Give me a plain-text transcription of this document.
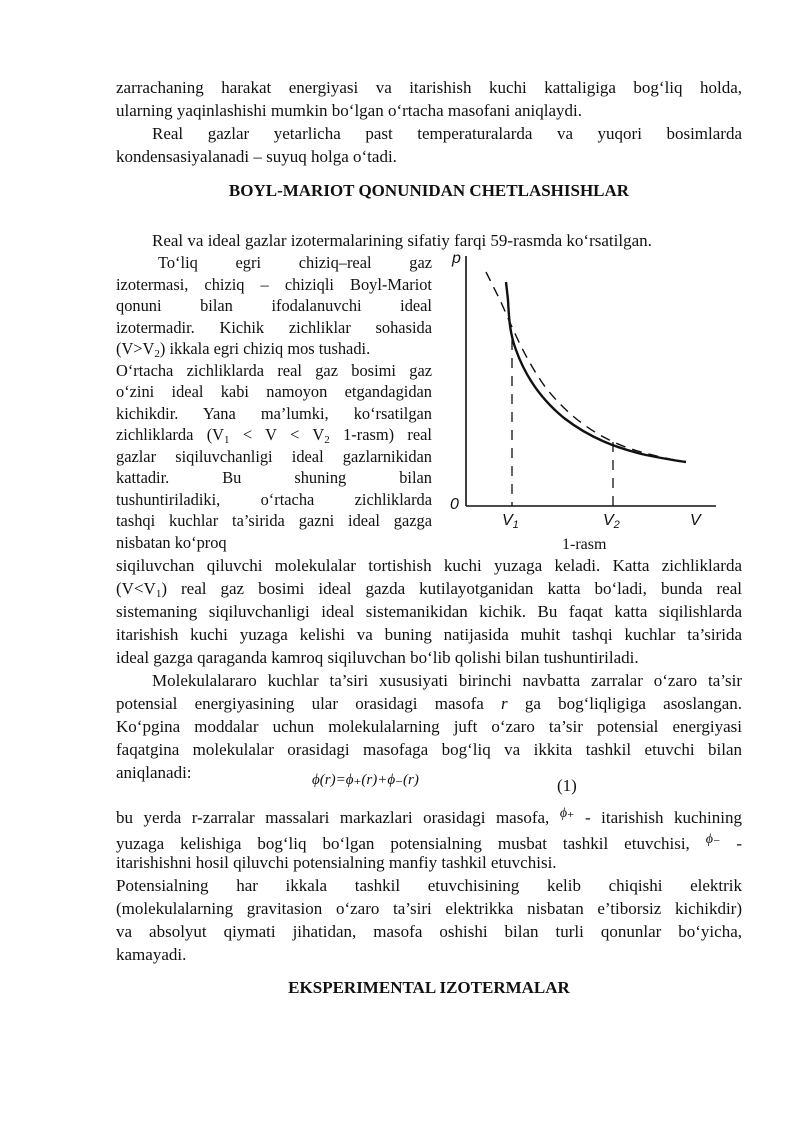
zarrachaning harakat energiyasi va itarishish kuchi kattaligiga bog‘liq holda,
ularning yaqinlashishi mumkin bo‘lgan o‘rtacha masofani aniqlaydi.
Real gazlar yetarlicha past temperaturalarda va yuqori bosimlarda
kondensasiyalanadi – suyuq holga o‘tadi.
BOYL-MARIOT QONUNIDAN CHETLASHISHLAR
Real va ideal gazlar izotermalarining sifatiy farqi 59-rasmda ko‘rsatilgan.
To‘liq egri chiziq–real gaz
izotermasi, chiziq – chiziqli Boyl-Mariot
qonuni bilan ifodalanuvchi ideal
izotermadir. Kichik zichliklar sohasida
$(V>V_2)$ ikkala egri chiziq mos tushadi.
O‘rtacha zichliklarda real gaz bosimi gaz
o‘zini ideal kabi namoyon etgandagidan
kichikdir. Yana ma’lumki, ko‘rsatilgan
zichliklarda ($V_1 < V < V_2$ 1-rasm) real
gazlar siqiluvchanligi ideal gazlarnikidan
kattadir. Bu shuning bilan
tushuntiriladiki, o‘rtacha zichliklarda
tashqi kuchlar ta’sirida gazni ideal gazga
nisbatan ko‘proq
siqiluvchan qiluvchi molekulalar tortishish kuchi yuzaga keladi. Katta zichliklarda
$(V<V_1)$ real gaz bosimi ideal gazda kutilayotganidan katta bo‘ladi, bunda real
sistemaning siqiluvchanligi ideal sistemanikidan kichik. Bu faqat katta siqilishlarda
itarishish kuchi yuzaga kelishi va buning natijasida muhit tashqi kuchlar ta’sirida
ideal gazga qaraganda kamroq siqiluvchan bo‘lib qolishi bilan tushuntiriladi.
Molekulalararo kuchlar ta’siri xususiyati birinchi navbatta zarralar o‘zaro ta’sir
potensial energiyasining ular orasidagi masofa r ga bog‘liqligiga asoslangan.
Ko‘pgina moddalar uchun molekulalarning juft o‘zaro ta’sir potensial energiyasi
faqatgina molekulalar orasidagi masofaga bog‘liq va ikkita tashkil etuvchi bilan
aniqlanadi:	ϕ(r)=ϕ₊(r)+ϕ₋(r)	(1)
bu yerda r-zarralar massalari markazlari orasidagi masofa, $^{\phi_+}$ - itarishish kuchining
yuzaga kelishiga bog‘liq bo‘lgan potensialning musbat tashkil etuvchisi, $^{\phi_-}$ -
itarishishni hosil qiluvchi potensialning manfiy tashkil etuvchisi.
Potensialning har ikkala tashkil etuvchisining kelib chiqishi elektrik
(molekulalarning gravitasion o‘zaro ta’siri elektrikka nisbatan e’tiborsiz kichikdir)
va absolyut qiymati jihatidan, masofa oshishi bilan turli qonunlar bo‘yicha,
kamayadi.
EKSPERIMENTAL IZOTERMALAR
p
0
$V_1$	$V_2$	V
1-rasm
